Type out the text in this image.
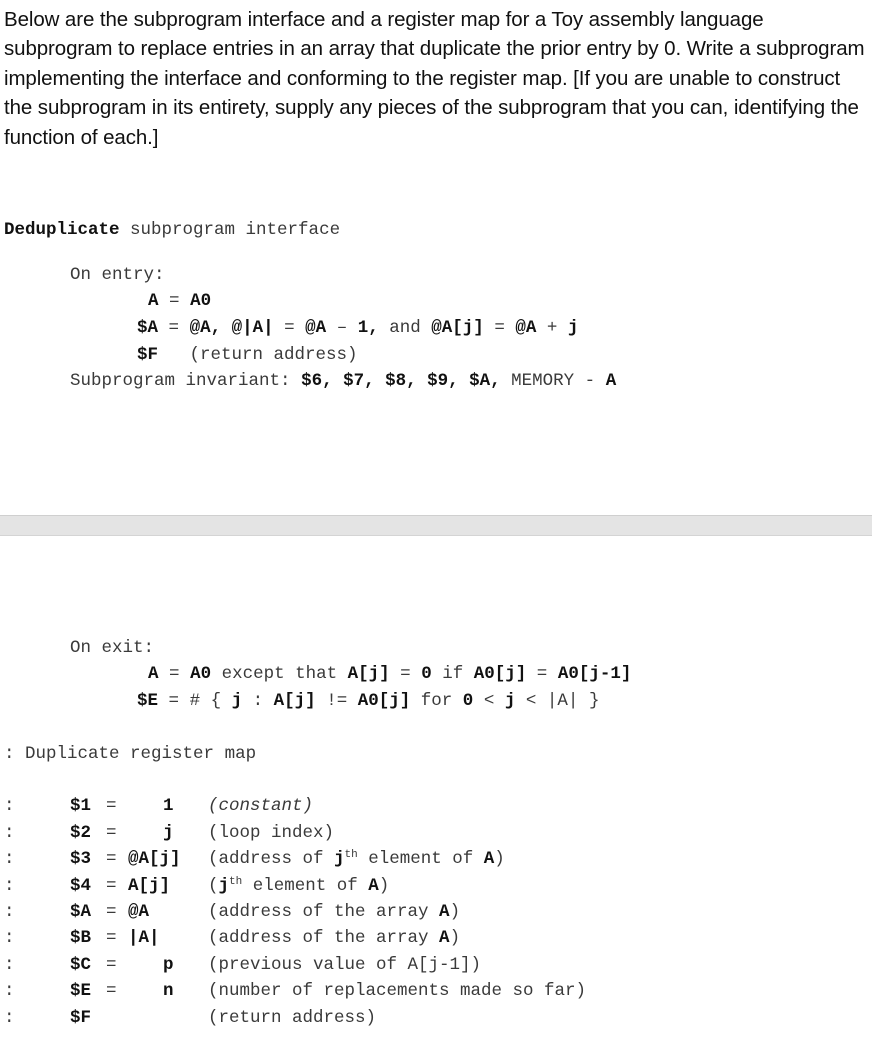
Below are the subprogram interface and a register map for a Toy assembly language subprogram to replace entries in an array that duplicate the prior entry by 0. Write a subprogram implementing the interface and conforming to the register map. [If you are unable to construct the subprogram in its entirety, supply any pieces of the subprogram that you can, identifying the function of each.]

Deduplicate subprogram interface
On entry:
A = A0
$A = @A, @|A| = @A – 1, and @A[j] = @A + j
$F (return address)
Subprogram invariant: $6, $7, $8, $9, $A, MEMORY - A
On exit:
A = A0 except that A[j] = 0 if A0[j] = A0[j-1]
$E = # { j : A[j] != A0[j] for 0 < j < |A| }
: Duplicate register map

:	$1	=	1	(constant)
:	$2	=	j	(loop index)
:	$3	=	@A[j]	(address of $j^{th}$ element of A)
:	$4	=	A[j]	($j^{th}$ element of A)
:	$A	=	@A	(address of the array A)
:	$B	=	|A|	(address of the array A)
:	$C	=	p	(previous value of A[j-1])
:	$E	=	n	(number of replacements made so far)
:	$F			(return address)
